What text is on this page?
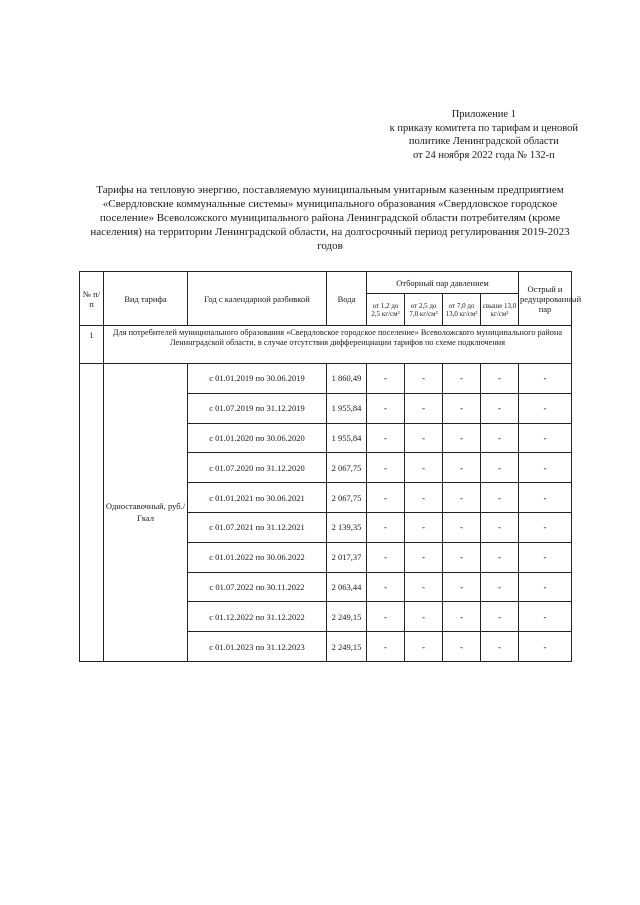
Приложение 1
к приказу комитета по тарифам и ценовой
политике Ленинградской области
от 24 ноября 2022 года № 132-п
Тарифы на тепловую энергию, поставляемую муниципальным унитарным казенным предприятием «Свердловские коммунальные системы» муниципального образования «Свердловское городское поселение» Всеволожского муниципального района Ленинградской области потребителям (кроме населения) на территории Ленинградской области, на долгосрочный период регулирования 2019-2023 годов
№ п/п	Вид тарифа	Год с календарной разбивкой	Вода	Отборный пар давлением				Острый и редуцированный пар
				от 1,2 до 2,5 кг/см²	от 2,5 до 7,0 кг/см²	от 7,0 до 13,0 кг/см²	свыше 13,0 кг/см²	
1	Для потребителей муниципального образования «Свердловское городское поселение» Всеволожского муниципального района Ленинградской области, в случае отсутствия дифференциации тарифов по схеме подключения							
	Одноставочный, руб./Гкал	с 01.01.2019 по 30.06.2019	1 860,49	-	-	-	-	-
		с 01.07.2019 по 31.12.2019	1 955,84	-	-	-	-	-
		с 01.01.2020 по 30.06.2020	1 955,84	-	-	-	-	-
		с 01.07.2020 по 31.12.2020	2 067,75	-	-	-	-	-
		с 01.01.2021 по 30.06.2021	2 067,75	-	-	-	-	-
		с 01.07.2021 по 31.12.2021	2 139,35	-	-	-	-	-
		с 01.01.2022 по 30.06.2022	2 017,37	-	-	-	-	-
		с 01.07.2022 по 30.11.2022	2 063,44	-	-	-	-	-
		с 01.12.2022 по 31.12.2022	2 249,15	-	-	-	-	-
		с 01.01.2023 по 31.12.2023	2 249,15	-	-	-	-	-
